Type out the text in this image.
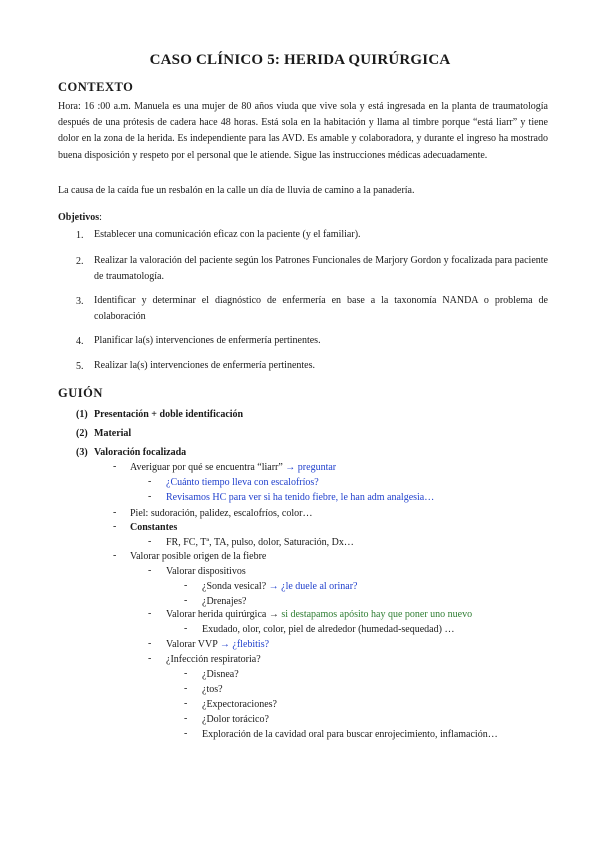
CASO CLÍNICO 5: HERIDA QUIRÚRGICA
CONTEXTO
Hora: 16 :00 a.m. Manuela es una mujer de 80 años viuda que vive sola y está ingresada en la planta de traumatología después de una prótesis de cadera hace 48 horas. Está sola en la habitación y llama al timbre porque “está liarr” y tiene dolor en la zona de la herida. Es independiente para las AVD. Es amable y colaboradora, y durante el ingreso ha mostrado buena disposición y respeto por el personal que le atiende. Sigue las instrucciones médicas adecuadamente.
La causa de la caída fue un resbalón en la calle un día de lluvia de camino a la panadería.
Objetivos:
1. Establecer una comunicación eficaz con la paciente (y el familiar).
2. Realizar la valoración del paciente según los Patrones Funcionales de Marjory Gordon y focalizada para paciente de traumatología.
3. Identificar y determinar el diagnóstico de enfermería en base a la taxonomía NANDA o problema de colaboración
4. Planificar la(s) intervenciones de enfermería pertinentes.
5. Realizar la(s) intervenciones de enfermería pertinentes.
GUIÓN
(1) Presentación + doble identificación
(2) Material
(3) Valoración focalizada
- Averiguar por qué se encuentra “liarr” → preguntar
- ¿Cuánto tiempo lleva con escalofríos?
- Revisamos HC para ver si ha tenido fiebre, le han adm analgesia…
- Piel: sudoración, palidez, escalofríos, color…
- Constantes
- FR, FC, Tª, TA, pulso, dolor, Saturación, Dx…
- Valorar posible origen de la fiebre
- Valorar dispositivos
- ¿Sonda vesical? → ¿le duele al orinar?
- ¿Drenajes?
- Valorar herida quirúrgica → si destapamos apósito hay que poner uno nuevo
- Exudado, olor, color, piel de alrededor (humedad-sequedad) …
- Valorar VVP → ¿flebitis?
- ¿Infección respiratoria?
- ¿Disnea?
- ¿tos?
- ¿Expectoraciones?
- ¿Dolor torácico?
- Exploración de la cavidad oral para buscar enrojecimiento, inflamación…
